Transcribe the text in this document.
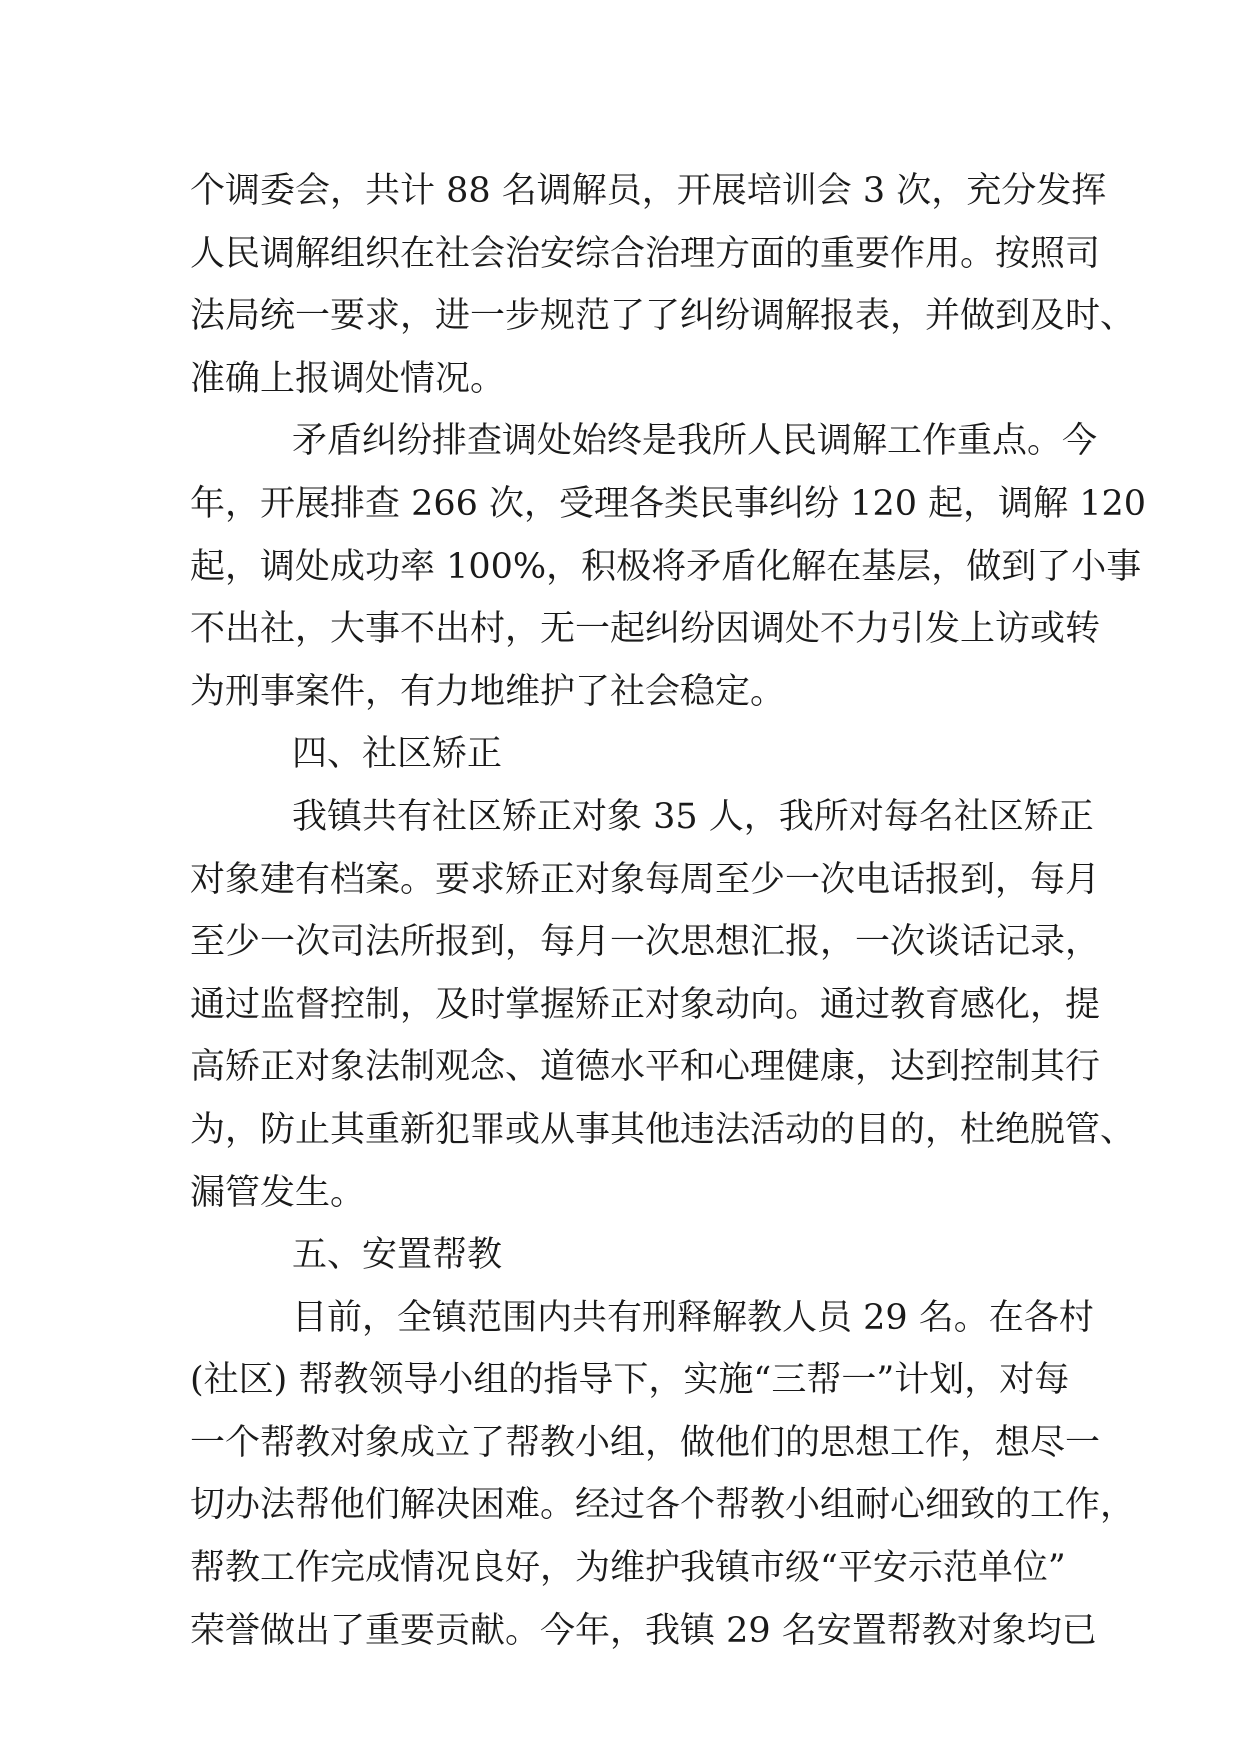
个调委会，共计 88 名调解员，开展培训会 3 次，充分发挥
人民调解组织在社会治安综合治理方面的重要作用。按照司
法局统一要求，进一步规范了了纠纷调解报表，并做到及时、
准确上报调处情况。
矛盾纠纷排查调处始终是我所人民调解工作重点。今
年，开展排查 266 次，受理各类民事纠纷 120 起，调解 120
起，调处成功率 100%，积极将矛盾化解在基层，做到了小事
不出社，大事不出村，无一起纠纷因调处不力引发上访或转
为刑事案件，有力地维护了社会稳定。
四、社区矫正
我镇共有社区矫正对象 35 人，我所对每名社区矫正
对象建有档案。要求矫正对象每周至少一次电话报到，每月
至少一次司法所报到，每月一次思想汇报，一次谈话记录，
通过监督控制，及时掌握矫正对象动向。通过教育感化，提
高矫正对象法制观念、道德水平和心理健康，达到控制其行
为，防止其重新犯罪或从事其他违法活动的目的，杜绝脱管、
漏管发生。
五、安置帮教
目前，全镇范围内共有刑释解教人员 29 名。在各村
(社区) 帮教领导小组的指导下，实施“三帮一”计划，对每
一个帮教对象成立了帮教小组，做他们的思想工作，想尽一
切办法帮他们解决困难。经过各个帮教小组耐心细致的工作，
帮教工作完成情况良好，为维护我镇市级“平安示范单位”
荣誉做出了重要贡献。今年，我镇 29 名安置帮教对象均已
